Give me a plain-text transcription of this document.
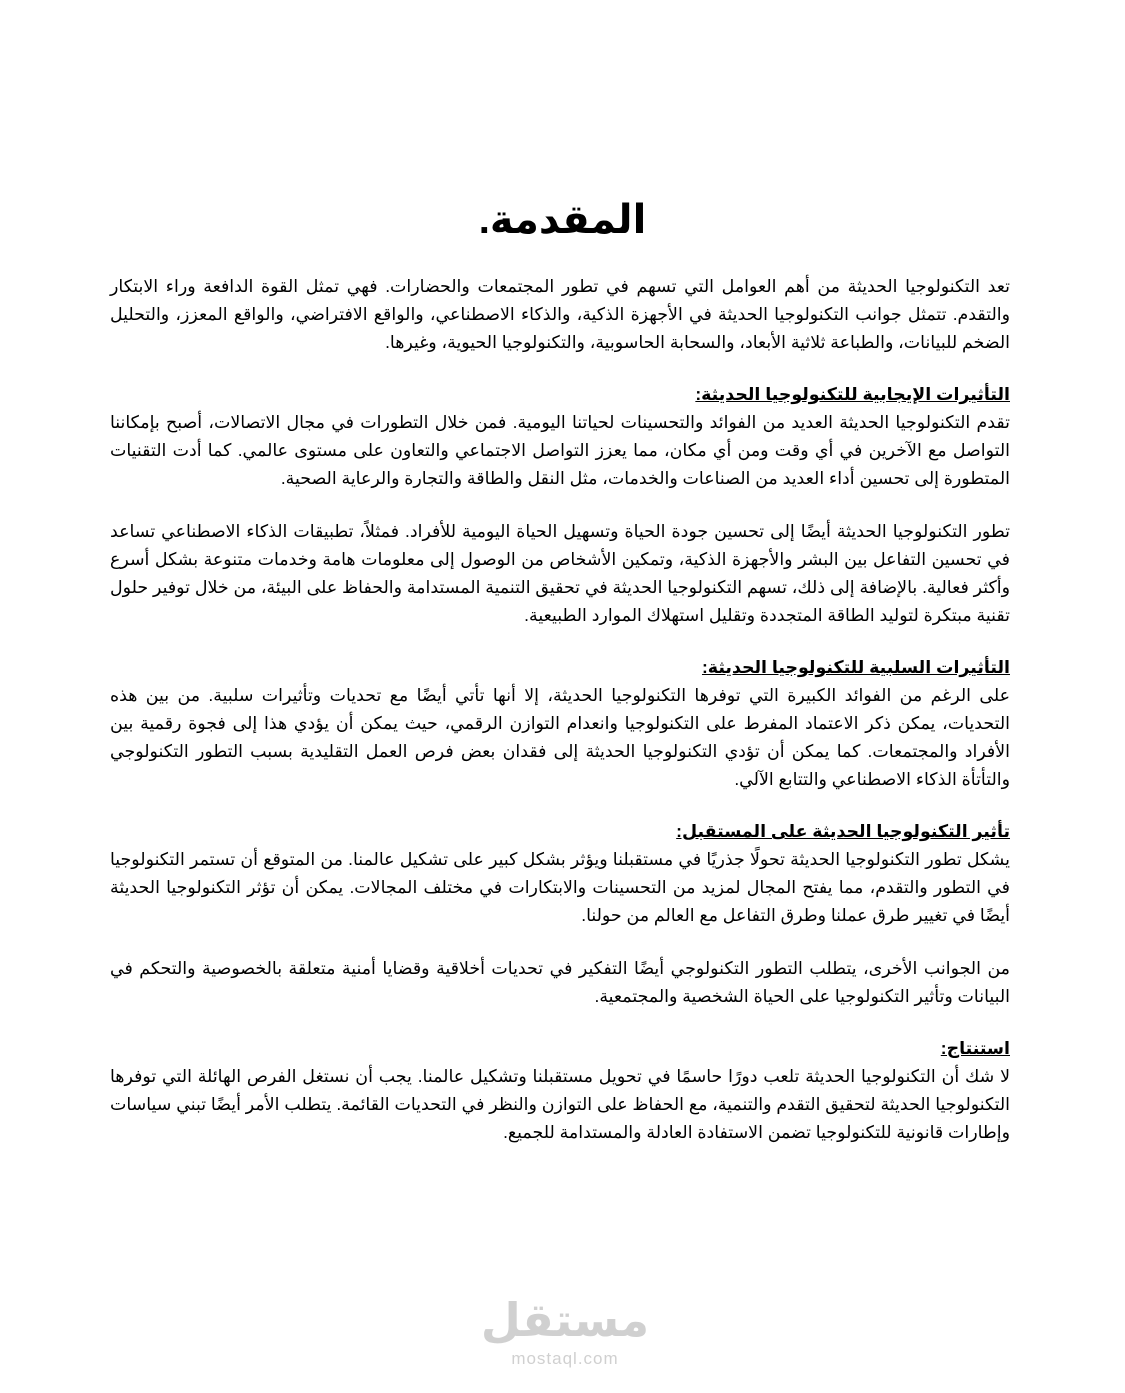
المقدمة.

تعد التكنولوجيا الحديثة من أهم العوامل التي تسهم في تطور المجتمعات والحضارات. فهي تمثل القوة الدافعة وراء الابتكار والتقدم. تتمثل جوانب التكنولوجيا الحديثة في الأجهزة الذكية، والذكاء الاصطناعي، والواقع الافتراضي، والواقع المعزز، والتحليل الضخم للبيانات، والطباعة ثلاثية الأبعاد، والسحابة الحاسوبية، والتكنولوجيا الحيوية، وغيرها.

التأثيرات الإيجابية للتكنولوجيا الحديثة:

تقدم التكنولوجيا الحديثة العديد من الفوائد والتحسينات لحياتنا اليومية. فمن خلال التطورات في مجال الاتصالات، أصبح بإمكاننا التواصل مع الآخرين في أي وقت ومن أي مكان، مما يعزز التواصل الاجتماعي والتعاون على مستوى عالمي. كما أدت التقنيات المتطورة إلى تحسين أداء العديد من الصناعات والخدمات، مثل النقل والطاقة والتجارة والرعاية الصحية.

تطور التكنولوجيا الحديثة أيضًا إلى تحسين جودة الحياة وتسهيل الحياة اليومية للأفراد. فمثلاً، تطبيقات الذكاء الاصطناعي تساعد في تحسين التفاعل بين البشر والأجهزة الذكية، وتمكين الأشخاص من الوصول إلى معلومات هامة وخدمات متنوعة بشكل أسرع وأكثر فعالية. بالإضافة إلى ذلك، تسهم التكنولوجيا الحديثة في تحقيق التنمية المستدامة والحفاظ على البيئة، من خلال توفير حلول تقنية مبتكرة لتوليد الطاقة المتجددة وتقليل استهلاك الموارد الطبيعية.

التأثيرات السلبية للتكنولوجيا الحديثة:

على الرغم من الفوائد الكبيرة التي توفرها التكنولوجيا الحديثة، إلا أنها تأتي أيضًا مع تحديات وتأثيرات سلبية. من بين هذه التحديات، يمكن ذكر الاعتماد المفرط على التكنولوجيا وانعدام التوازن الرقمي، حيث يمكن أن يؤدي هذا إلى فجوة رقمية بين الأفراد والمجتمعات. كما يمكن أن تؤدي التكنولوجيا الحديثة إلى فقدان بعض فرص العمل التقليدية بسبب التطور التكنولوجي والتأتأة الذكاء الاصطناعي والتتابع الآلي.

تأثير التكنولوجيا الحديثة على المستقبل:

يشكل تطور التكنولوجيا الحديثة تحولًا جذريًا في مستقبلنا ويؤثر بشكل كبير على تشكيل عالمنا. من المتوقع أن تستمر التكنولوجيا في التطور والتقدم، مما يفتح المجال لمزيد من التحسينات والابتكارات في مختلف المجالات. يمكن أن تؤثر التكنولوجيا الحديثة أيضًا في تغيير طرق عملنا وطرق التفاعل مع العالم من حولنا.

من الجوانب الأخرى، يتطلب التطور التكنولوجي أيضًا التفكير في تحديات أخلاقية وقضايا أمنية متعلقة بالخصوصية والتحكم في البيانات وتأثير التكنولوجيا على الحياة الشخصية والمجتمعية.

استنتاج:

لا شك أن التكنولوجيا الحديثة تلعب دورًا حاسمًا في تحويل مستقبلنا وتشكيل عالمنا. يجب أن نستغل الفرص الهائلة التي توفرها التكنولوجيا الحديثة لتحقيق التقدم والتنمية، مع الحفاظ على التوازن والنظر في التحديات القائمة. يتطلب الأمر أيضًا تبني سياسات وإطارات قانونية للتكنولوجيا تضمن الاستفادة العادلة والمستدامة للجميع.

مستقل
mostaql.com
